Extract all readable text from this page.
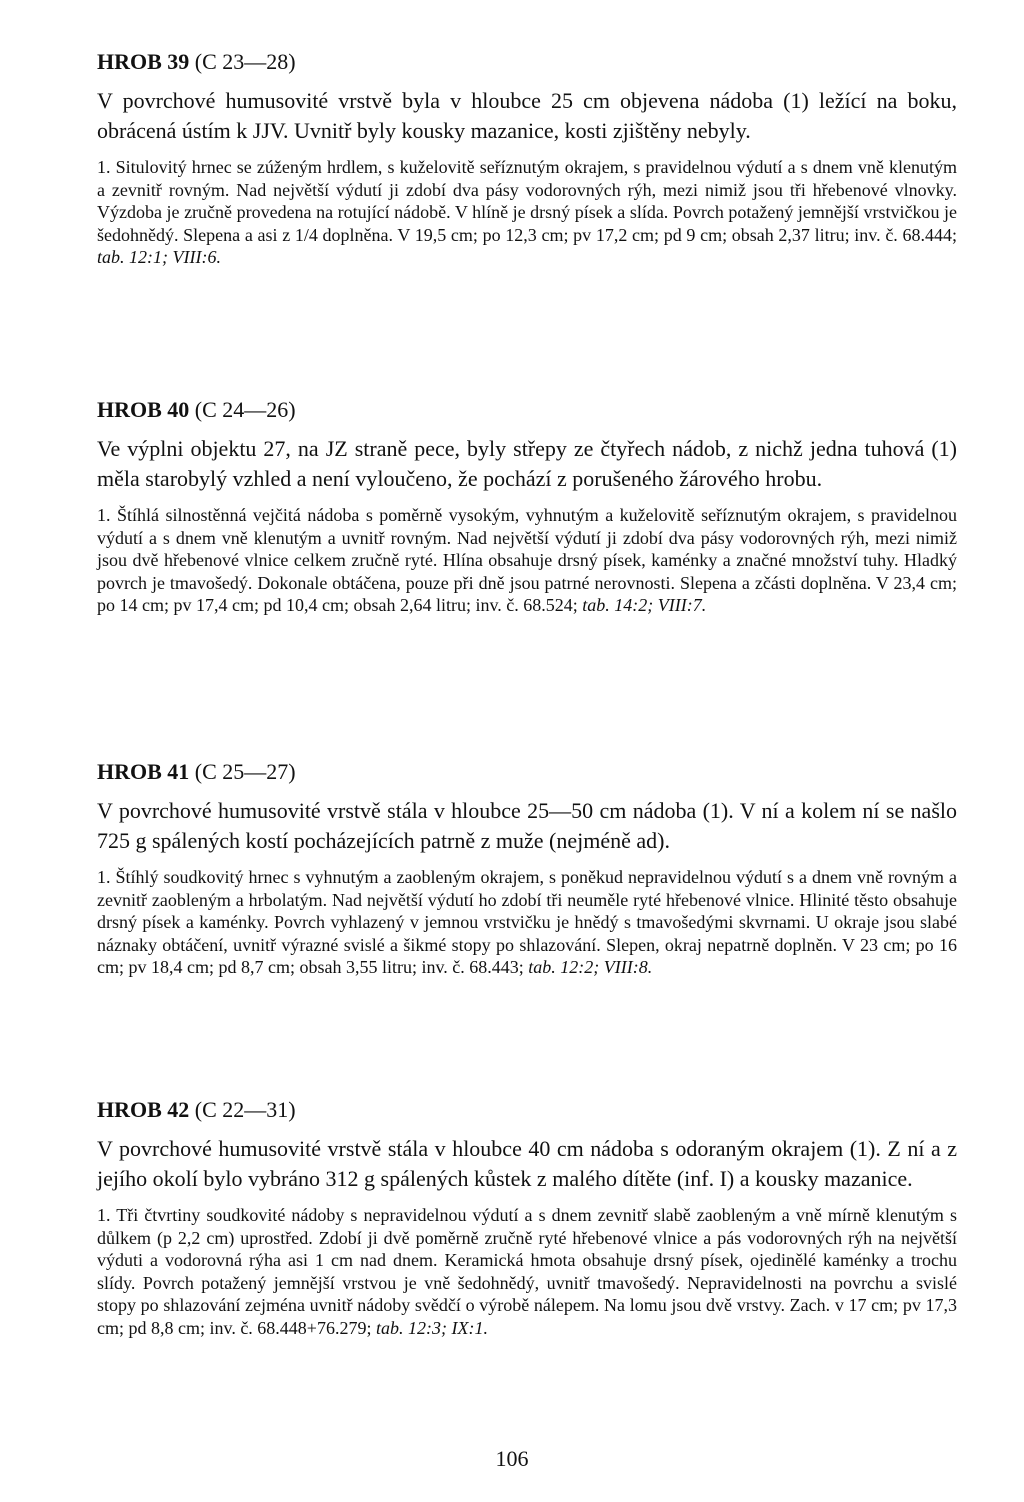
HROB 39 (C 23—28)

V povrchové humusovité vrstvě byla v hloubce 25 cm objevena nádoba (1) ležící na boku, obrácená ústím k JJV. Uvnitř byly kousky mazanice, kosti zjištěny nebyly.

1. Situlovitý hrnec se zúženým hrdlem, s kuželovitě seříznutým okrajem, s pravidelnou výdutí a s dnem vně klenutým a zevnitř rovným. Nad největší výdutí ji zdobí dva pásy vodorovných rýh, mezi nimiž jsou tři hřebenové vlnovky. Výzdoba je zručně provedena na rotující nádobě. V hlíně je drsný písek a slída. Povrch potažený jemnější vrstvičkou je šedohnědý. Slepena a asi z 1/4 doplněna. V 19,5 cm; po 12,3 cm; pv 17,2 cm; pd 9 cm; obsah 2,37 litru; inv. č. 68.444; tab. 12:1; VIII:6.

HROB 40 (C 24—26)

Ve výplni objektu 27, na JZ straně pece, byly střepy ze čtyřech nádob, z nichž jedna tuhová (1) měla starobylý vzhled a není vyloučeno, že pochází z porušeného žárového hrobu.

1. Štíhlá silnostěnná vejčitá nádoba s poměrně vysokým, vyhnutým a kuželovitě seříznutým okrajem, s pravidelnou výdutí a s dnem vně klenutým a uvnitř rovným. Nad největší výdutí ji zdobí dva pásy vodorovných rýh, mezi nimiž jsou dvě hřebenové vlnice celkem zručně ryté. Hlína obsahuje drsný písek, kaménky a značné množství tuhy. Hladký povrch je tmavošedý. Dokonale obtáčena, pouze při dně jsou patrné nerovnosti. Slepena a zčásti doplněna. V 23,4 cm; po 14 cm; pv 17,4 cm; pd 10,4 cm; obsah 2,64 litru; inv. č. 68.524; tab. 14:2; VIII:7.

HROB 41 (C 25—27)

V povrchové humusovité vrstvě stála v hloubce 25—50 cm nádoba (1). V ní a kolem ní se našlo 725 g spálených kostí pocházejících patrně z muže (nejméně ad).

1. Štíhlý soudkovitý hrnec s vyhnutým a zaobleným okrajem, s poněkud nepravidelnou výdutí s a dnem vně rovným a zevnitř zaobleným a hrbolatým. Nad největší výdutí ho zdobí tři neuměle ryté hřebenové vlnice. Hlinité těsto obsahuje drsný písek a kaménky. Povrch vyhlazený v jemnou vrstvičku je hnědý s tmavošedými skvrnami. U okraje jsou slabé náznaky obtáčení, uvnitř výrazné svislé a šikmé stopy po shlazování. Slepen, okraj nepatrně doplněn. V 23 cm; po 16 cm; pv 18,4 cm; pd 8,7 cm; obsah 3,55 litru; inv. č. 68.443; tab. 12:2; VIII:8.

HROB 42 (C 22—31)

V povrchové humusovité vrstvě stála v hloubce 40 cm nádoba s odoraným okrajem (1). Z ní a z jejího okolí bylo vybráno 312 g spálených kůstek z malého dítěte (inf. I) a kousky mazanice.

1. Tři čtvrtiny soudkovité nádoby s nepravidelnou výdutí a s dnem zevnitř slabě zaobleným a vně mírně klenutým s důlkem (p 2,2 cm) uprostřed. Zdobí ji dvě poměrně zručně ryté hřebenové vlnice a pás vodorovných rýh na největší výduti a vodorovná rýha asi 1 cm nad dnem. Keramická hmota obsahuje drsný písek, ojedinělé kaménky a trochu slídy. Povrch potažený jemnější vrstvou je vně šedohnědý, uvnitř tmavošedý. Nepravidelnosti na povrchu a svislé stopy po shlazování zejména uvnitř nádoby svědčí o výrobě nálepem. Na lomu jsou dvě vrstvy. Zach. v 17 cm; pv 17,3 cm; pd 8,8 cm; inv. č. 68.448+76.279; tab. 12:3; IX:1.

106
